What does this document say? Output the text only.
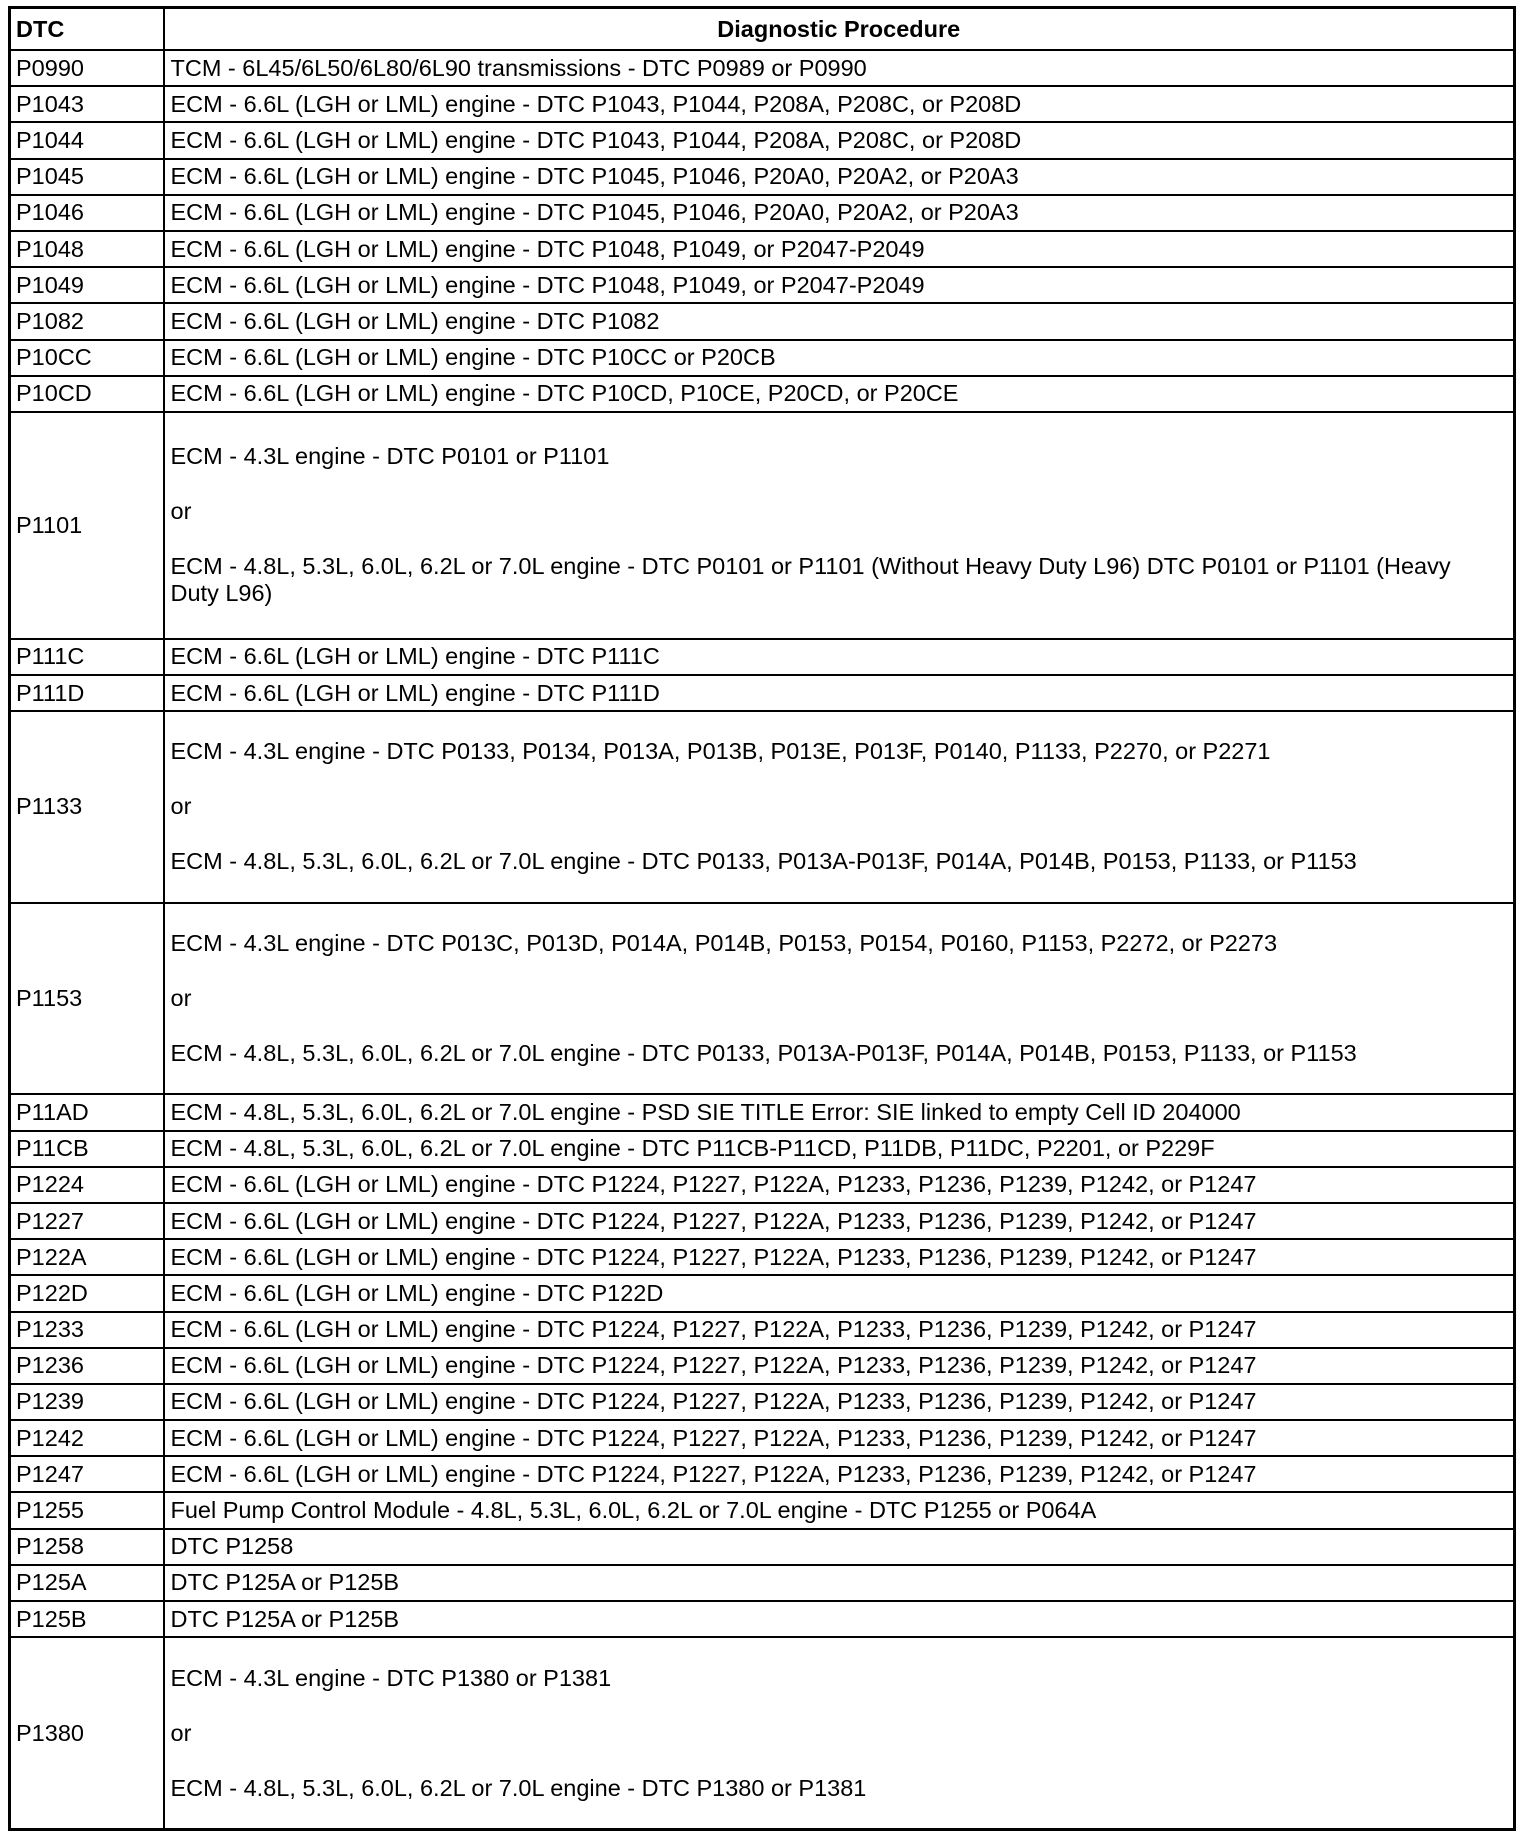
DTC	Diagnostic Procedure
P0990	TCM - 6L45/6L50/6L80/6L90 transmissions - DTC P0989 or P0990
P1043	ECM - 6.6L (LGH or LML) engine - DTC P1043, P1044, P208A, P208C, or P208D
P1044	ECM - 6.6L (LGH or LML) engine - DTC P1043, P1044, P208A, P208C, or P208D
P1045	ECM - 6.6L (LGH or LML) engine - DTC P1045, P1046, P20A0, P20A2, or P20A3
P1046	ECM - 6.6L (LGH or LML) engine - DTC P1045, P1046, P20A0, P20A2, or P20A3
P1048	ECM - 6.6L (LGH or LML) engine - DTC P1048, P1049, or P2047-P2049
P1049	ECM - 6.6L (LGH or LML) engine - DTC P1048, P1049, or P2047-P2049
P1082	ECM - 6.6L (LGH or LML) engine - DTC P1082
P10CC	ECM - 6.6L (LGH or LML) engine - DTC P10CC or P20CB
P10CD	ECM - 6.6L (LGH or LML) engine - DTC P10CD, P10CE, P20CD, or P20CE
P1101	ECM - 4.3L engine - DTC P0101 or P1101
or
ECM - 4.8L, 5.3L, 6.0L, 6.2L or 7.0L engine - DTC P0101 or P1101 (Without Heavy Duty L96) DTC P0101 or P1101 (Heavy Duty L96)

P111C	ECM - 6.6L (LGH or LML) engine - DTC P111C
P111D	ECM - 6.6L (LGH or LML) engine - DTC P111D
P1133	ECM - 4.3L engine - DTC P0133, P0134, P013A, P013B, P013E, P013F, P0140, P1133, P2270, or P2271
or
ECM - 4.8L, 5.3L, 6.0L, 6.2L or 7.0L engine - DTC P0133, P013A-P013F, P014A, P014B, P0153, P1133, or P1153

P1153	ECM - 4.3L engine - DTC P013C, P013D, P014A, P014B, P0153, P0154, P0160, P1153, P2272, or P2273
or
ECM - 4.8L, 5.3L, 6.0L, 6.2L or 7.0L engine - DTC P0133, P013A-P013F, P014A, P014B, P0153, P1133, or P1153

P11AD	ECM - 4.8L, 5.3L, 6.0L, 6.2L or 7.0L engine - PSD SIE TITLE Error: SIE linked to empty Cell ID 204000
P11CB	ECM - 4.8L, 5.3L, 6.0L, 6.2L or 7.0L engine - DTC P11CB-P11CD, P11DB, P11DC, P2201, or P229F
P1224	ECM - 6.6L (LGH or LML) engine - DTC P1224, P1227, P122A, P1233, P1236, P1239, P1242, or P1247
P1227	ECM - 6.6L (LGH or LML) engine - DTC P1224, P1227, P122A, P1233, P1236, P1239, P1242, or P1247
P122A	ECM - 6.6L (LGH or LML) engine - DTC P1224, P1227, P122A, P1233, P1236, P1239, P1242, or P1247
P122D	ECM - 6.6L (LGH or LML) engine - DTC P122D
P1233	ECM - 6.6L (LGH or LML) engine - DTC P1224, P1227, P122A, P1233, P1236, P1239, P1242, or P1247
P1236	ECM - 6.6L (LGH or LML) engine - DTC P1224, P1227, P122A, P1233, P1236, P1239, P1242, or P1247
P1239	ECM - 6.6L (LGH or LML) engine - DTC P1224, P1227, P122A, P1233, P1236, P1239, P1242, or P1247
P1242	ECM - 6.6L (LGH or LML) engine - DTC P1224, P1227, P122A, P1233, P1236, P1239, P1242, or P1247
P1247	ECM - 6.6L (LGH or LML) engine - DTC P1224, P1227, P122A, P1233, P1236, P1239, P1242, or P1247
P1255	Fuel Pump Control Module - 4.8L, 5.3L, 6.0L, 6.2L or 7.0L engine - DTC P1255 or P064A
P1258	DTC P1258
P125A	DTC P125A or P125B
P125B	DTC P125A or P125B
P1380	ECM - 4.3L engine - DTC P1380 or P1381
or
ECM - 4.8L, 5.3L, 6.0L, 6.2L or 7.0L engine - DTC P1380 or P1381
